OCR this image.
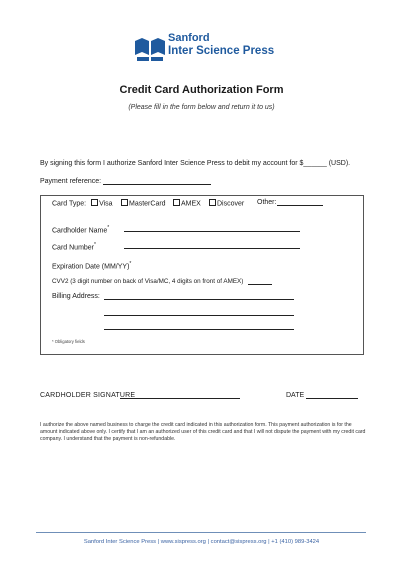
Sanford
Inter Science Press
Credit Card Authorization Form
(Please fill in the form below and return it to us)
By signing this form I authorize Sanford Inter Science Press to debit my account for $______ (USD).
Payment reference:
Card Type: Visa	MasterCard	AMEX	Discover Other:
Cardholder Name*
Card Number*
Expiration Date (MM/YY)*
CVV2 (3 digit number on back of Visa/MC, 4 digits on front of AMEX)
Billing Address:
* Obligatory fields
CARDHOLDER SIGNATURE	DATE
I authorize the above named business to charge the credit card indicated in this authorization form. This payment authorization is for the amount indicated above only. I certify that I am an authorized user of this credit card and that I will not dispute the payment with my credit card company. I understand that the payment is non-refundable.
Sanford Inter Science Press | www.sispress.org | contact@sispress.org | +1 (410) 989-3424
